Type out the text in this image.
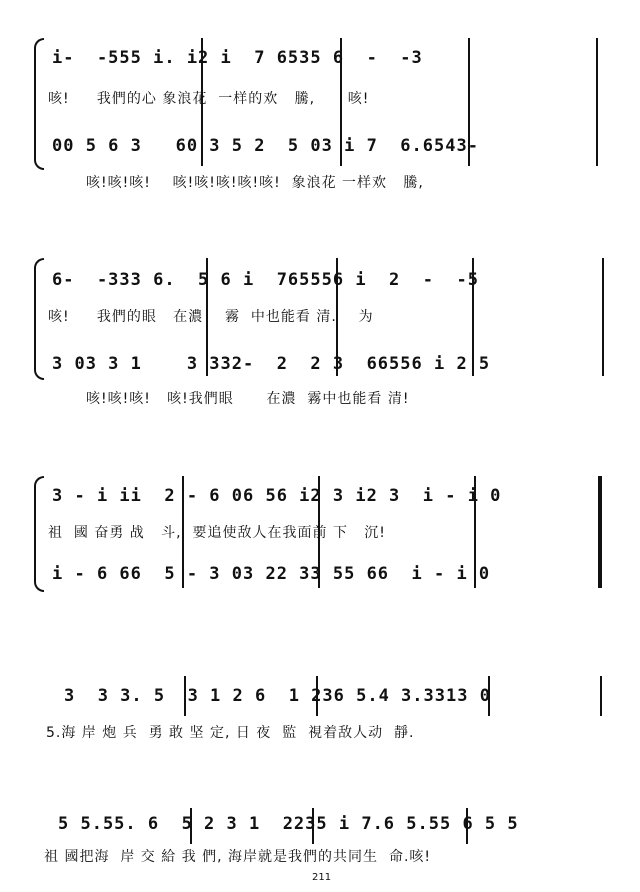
i-  -555 i. i2 i  7 6535 6  -  -3
咳!     我們的心 象浪花  一样的欢   騰,      咳!
00 5 6 3   60 3 5 2  5 03 i 7  6.6543-
咳!咳!咳!    咳!咳!咳!咳!咳!  象浪花 一样欢   騰,
6-  -333 6.  5 6 i  765556 i  2  -  -5
咳!     我們的眼   在濃    霧  中也能看 清.    为
3 03 3 1    3 332-  2  2 3  66556 i 2 5
咳!咳!咳!   咳!我們眼      在濃  霧中也能看 清!
3 - i ii  2 - 6 06 56 i2 3 i2 3  i - i 0
祖  國 奋勇 战   斗,  要追使敌人在我面前 下   沉!
i - 6 66  5 - 3 03 22 33 55 66  i - i 0
3  3 3. 5  3 1 2 6  1 236 5.4 3.3313 0
5.海 岸 炮 兵  勇 敢 坚 定, 日 夜  監  視着敌人动  靜.
5 5.55. 6  5 2 3 1  2235 i 7.6 5.55 6 5 5
祖 國把海  岸 交 給 我 們, 海岸就是我們的共同生  命.咳!
211
